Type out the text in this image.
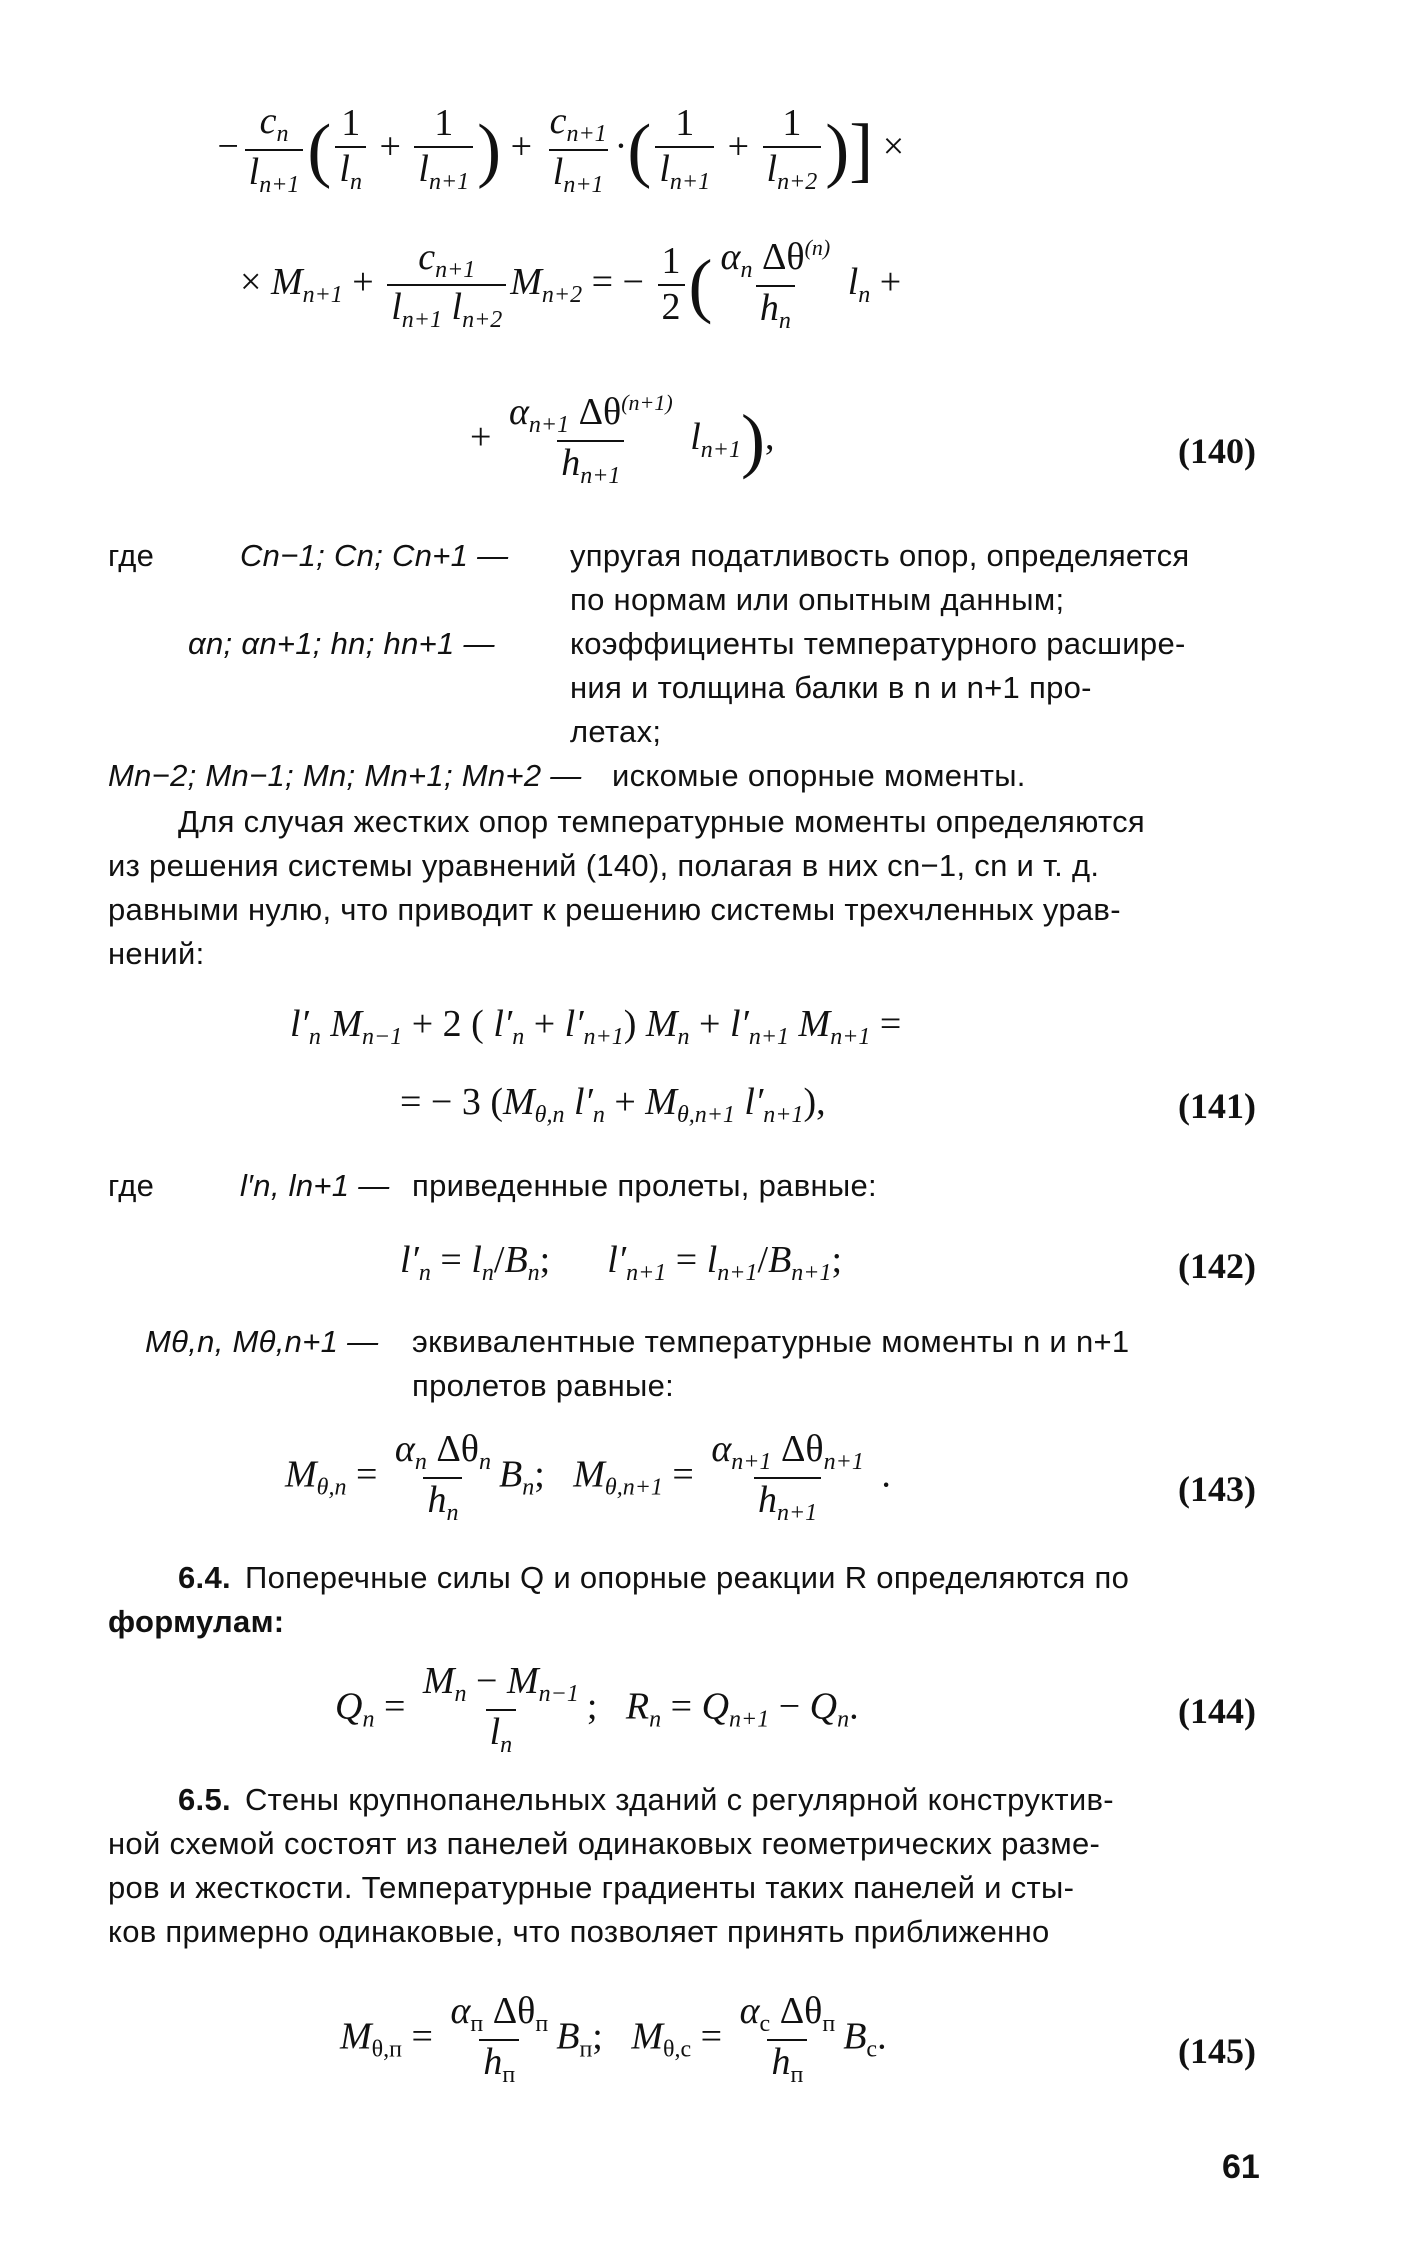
− $\frac{c_n}{l_{n+1}}$ ( $\frac{1}{l_n} + \frac{1}{l_{n+1}}$ ) + $\frac{c_{n+1}}{l_{n+1}}$ ·( $\frac{1}{l_{n+1}} + \frac{1}{l_{n+2}}$ )] ×
× $M_{n+1} + \frac{c_{n+1}}{l_{n+1} l_{n+2}} M_{n+2}$ = − $\frac{1}{2}$ ( $\frac{\alpha_n \Delta\theta^{(n)}}{h_n} l_n$ +
+ $\frac{\alpha_{n+1} \Delta\theta^{(n+1)}}{h_{n+1}} l_{n+1}$),	(140)
где	Cn−1; Cn; Cn+1 — упругая податливость опор, определяется
по нормам или опытным данным;
αn; αn+1; hn; hn+1 — коэффициенты температурного расшире-
ния и толщина балки в n и n+1 про-
летах;
Mn−2; Mn−1; Mn; Mn+1; Mn+2 — искомые опорные моменты.
Для случая жестких опор температурные моменты определяются
из решения системы уравнений (140), полагая в них cn−1, cn и т. д.
равными нулю, что приводит к решению системы трехчленных урав-
нений:
$l'_n$ $M_{n-1} + 2$ ( $l'_n + l'_{n+1}$) $M_n + l'_{n+1}$ $M_{n+1}$ =
= − 3 ($M_{\theta,n}$ $l'_n + M_{\theta,n+1}$ $l'_{n+1}$),	(141)
где	l′n, ln+1 — приведенные пролеты, равные:
$l'_n = l_n/B_n$;      $l'_{n+1} = l_{n+1}/B_{n+1}$;	(142)
Mθ,n, Mθ,n+1 — эквивалентные температурные моменты n и n+1
пролетов равные:
$M_{\theta,n} = \frac{\alpha_n \Delta\theta_n}{h_n} B_n$;   $M_{\theta,n+1} = \frac{\alpha_{n+1} \Delta\theta_{n+1}}{h_{n+1}}$ .	(143)
6.4. Поперечные силы Q и опорные реакции R определяются по
формулам:
$Q_n = \frac{M_n - M_{n-1}}{l_n}$ ;   $R_n = Q_{n+1} - Q_n$.	(144)
6.5. Стены крупнопанельных зданий с регулярной конструктив-
ной схемой состоят из панелей одинаковых геометрических разме-
ров и жесткости. Температурные градиенты таких панелей и сты-
ков примерно одинаковые, что позволяет принять приближенно
$M_{\theta,п} = \frac{\alpha_п \Delta\theta_п}{h_п} B_п$;   $M_{\theta,с} = \frac{\alpha_с \Delta\theta_п}{h_п} B_с$.	(145)
61
